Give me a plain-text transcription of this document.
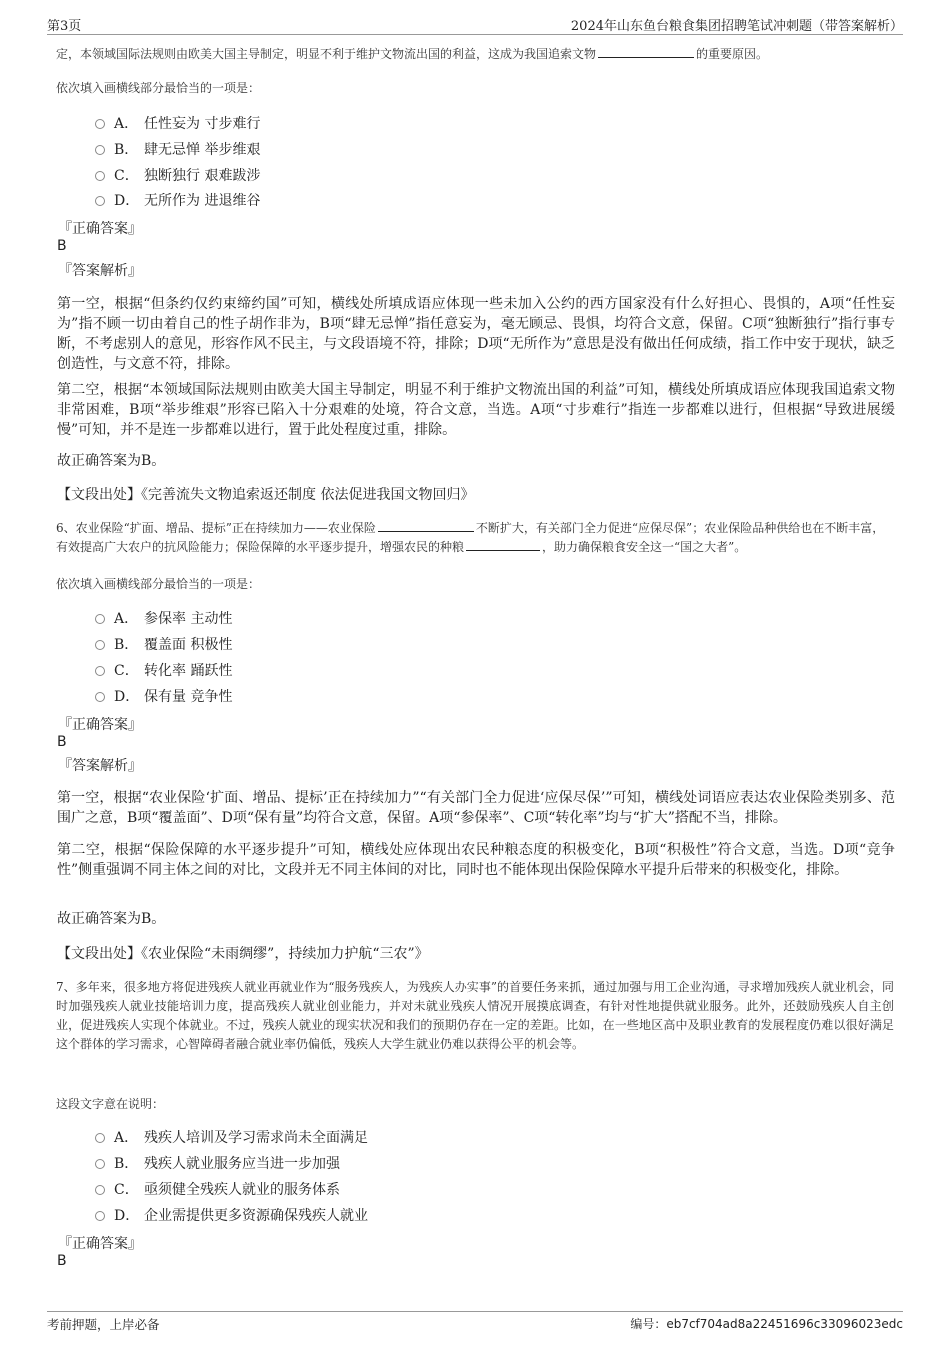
第3页	2024年山东鱼台粮食集团招聘笔试冲刺题（带答案解析）
定，本领域国际法规则由欧美大国主导制定，明显不利于维护文物流出国的利益，这成为我国追索文物	的重要原因。
依次填入画横线部分最恰当的一项是：
A． 任性妄为 寸步难行
B． 肆无忌惮 举步维艰
C． 独断独行 艰难跋涉
D． 无所作为 进退维谷
『正确答案』
B
『答案解析』
第一空，根据“但条约仅约束缔约国”可知，横线处所填成语应体现一些未加入公约的西方国家没有什么好担心、畏惧的，A项“任性妄为”指不顾一切由着自己的性子胡作非为，B项“肆无忌惮”指任意妄为，毫无顾忌、畏惧，均符合文意，保留。C项“独断独行”指行事专断，不考虑别人的意见，形容作风不民主，与文段语境不符，排除；D项“无所作为”意思是没有做出任何成绩，指工作中安于现状，缺乏创造性，与文意不符，排除。
第二空，根据“本领域国际法规则由欧美大国主导制定，明显不利于维护文物流出国的利益”可知，横线处所填成语应体现我国追索文物非常困难，B项“举步维艰”形容已陷入十分艰难的处境，符合文意，当选。A项“寸步难行”指连一步都难以进行，但根据“导致进展缓慢”可知，并不是连一步都难以进行，置于此处程度过重，排除。
故正确答案为B。
【文段出处】《完善流失文物追索返还制度 依法促进我国文物回归》
6、农业保险“扩面、增品、提标”正在持续加力——农业保险	不断扩大，有关部门全力促进“应保尽保”；农业保险品种供给也在不断丰富，有效提高广大农户的抗风险能力；保险保障的水平逐步提升，增强农民的种粮	，助力确保粮食安全这一“国之大者”。
依次填入画横线部分最恰当的一项是：
A． 参保率 主动性
B． 覆盖面 积极性
C． 转化率 踊跃性
D． 保有量 竞争性
『正确答案』
B
『答案解析』
第一空，根据“农业保险‘扩面、增品、提标’正在持续加力”“有关部门全力促进‘应保尽保’”可知，横线处词语应表达农业保险类别多、范围广之意，B项“覆盖面”、D项“保有量”均符合文意，保留。A项“参保率”、C项“转化率”均与“扩大”搭配不当，排除。
第二空，根据“保险保障的水平逐步提升”可知，横线处应体现出农民种粮态度的积极变化，B项“积极性”符合文意，当选。D项“竞争性”侧重强调不同主体之间的对比，文段并无不同主体间的对比，同时也不能体现出保险保障水平提升后带来的积极变化，排除。
故正确答案为B。
【文段出处】《农业保险“未雨绸缪”，持续加力护航“三农”》
7、多年来，很多地方将促进残疾人就业再就业作为“服务残疾人，为残疾人办实事”的首要任务来抓，通过加强与用工企业沟通，寻求增加残疾人就业机会，同时加强残疾人就业技能培训力度，提高残疾人就业创业能力，并对未就业残疾人情况开展摸底调查，有针对性地提供就业服务。此外，还鼓励残疾人自主创业，促进残疾人实现个体就业。不过，残疾人就业的现实状况和我们的预期仍存在一定的差距。比如，在一些地区高中及职业教育的发展程度仍难以很好满足这个群体的学习需求，心智障碍者融合就业率仍偏低，残疾人大学生就业仍难以获得公平的机会等。
这段文字意在说明：
A． 残疾人培训及学习需求尚未全面满足
B． 残疾人就业服务应当进一步加强
C． 亟须健全残疾人就业的服务体系
D． 企业需提供更多资源确保残疾人就业
『正确答案』
B
考前押题，上岸必备	编号：eb7cf704ad8a22451696c33096023edc
